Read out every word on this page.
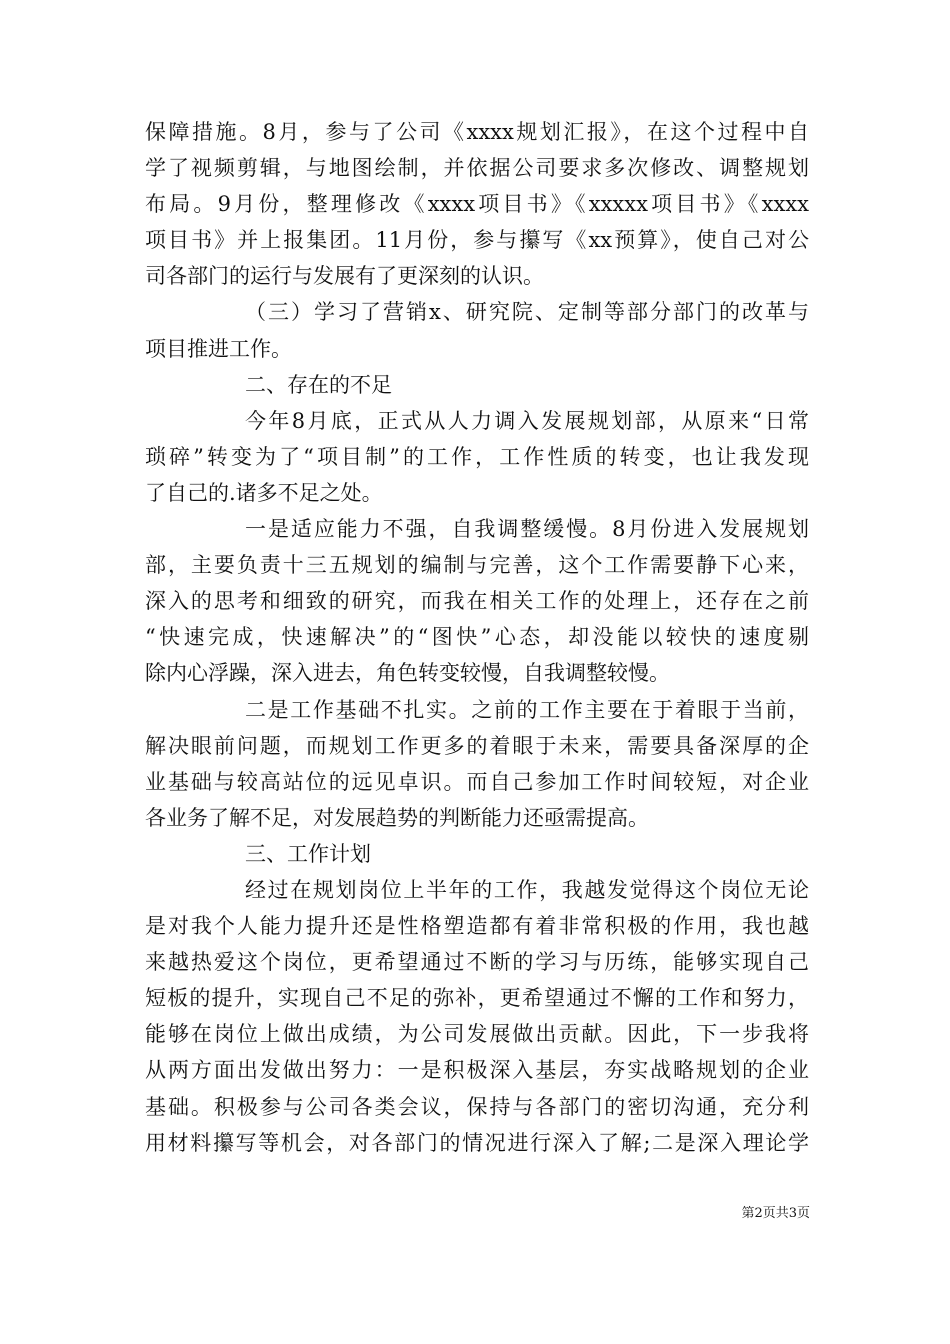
保障措施。8月，参与了公司《xxxx规划汇报》，在这个过程中自
学了视频剪辑，与地图绘制，并依据公司要求多次修改、调整规划
布局。9月份，整理修改《xxxx项目书》《xxxxx项目书》《xxxx
项目书》并上报集团。11月份，参与攥写《xx预算》，使自己对公
司各部门的运行与发展有了更深刻的认识。
（三）学习了营销x、研究院、定制等部分部门的改革与
项目推进工作。
二、存在的不足
今年8月底，正式从人力调入发展规划部，从原来“日常
琐碎”转变为了“项目制”的工作，工作性质的转变，也让我发现
了自己的.诸多不足之处。
一是适应能力不强，自我调整缓慢。8月份进入发展规划
部，主要负责十三五规划的编制与完善，这个工作需要静下心来，
深入的思考和细致的研究，而我在相关工作的处理上，还存在之前
“快速完成，快速解决”的“图快”心态，却没能以较快的速度剔
除内心浮躁，深入进去，角色转变较慢，自我调整较慢。
二是工作基础不扎实。之前的工作主要在于着眼于当前，
解决眼前问题，而规划工作更多的着眼于未来，需要具备深厚的企
业基础与较高站位的远见卓识。而自己参加工作时间较短，对企业
各业务了解不足，对发展趋势的判断能力还亟需提高。
三、工作计划
经过在规划岗位上半年的工作，我越发觉得这个岗位无论
是对我个人能力提升还是性格塑造都有着非常积极的作用，我也越
来越热爱这个岗位，更希望通过不断的学习与历练，能够实现自己
短板的提升，实现自己不足的弥补，更希望通过不懈的工作和努力，
能够在岗位上做出成绩，为公司发展做出贡献。因此，下一步我将
从两方面出发做出努力：一是积极深入基层，夯实战略规划的企业
基础。积极参与公司各类会议，保持与各部门的密切沟通，充分利
用材料攥写等机会，对各部门的情况进行深入了解;二是深入理论学
第2页共3页
